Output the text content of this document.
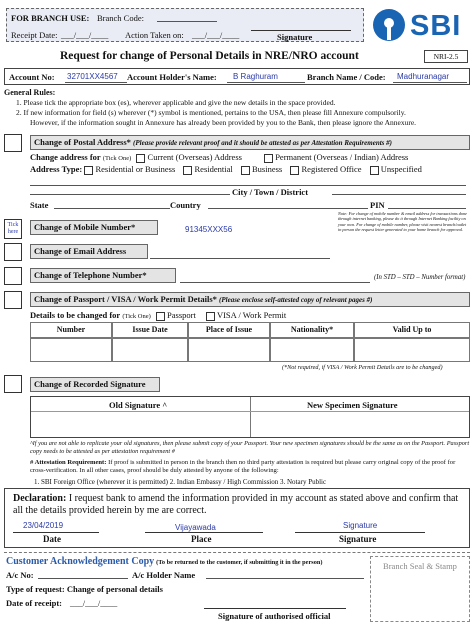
FOR BRANCH USE: Branch Code:
Receipt Date: ___/___/____ Action Taken on: ___/___/____	Signature	SBI
Request for change of Personal Details in NRE/NRO account	NRI-2.5
Account No: 32701XX4567 Account Holder's Name: B Raghuram	Branch Name / Code: Madhuranagar
General Rules:
1. Please tick the appropriate box (es), wherever applicable and give the new details in the space provided.
2. If new information for field (s) wherever (*) symbol is mentioned, pertains to the USA, then please fill Annexure compulsorily.
However, if the information sought in Annexure has already been provided by you to the Bank, then please ignore the Annexure.
Change of Postal Address* (Please provide relevant proof and it should be attested as per Attestation Requirements #)
Change address for (Tick One) Current (Overseas) Address	Permanent (Overseas / Indian) Address
Address Type: Residential or Business Residential Business Registered Office Unspecified
City / Town / District
State	Country	PIN
Tick here	Change of Mobile Number*	91345XXX56
Note: For change of mobile number & email address for transactions done through internet banking, please do it through Internet Banking facility on your own. For change of mobile number, please visit nearest branch/outlet in person the request letter generated to your home branch for approval.
Change of Email Address
Change of Telephone Number*	(In STD – STD – Number format)
Change of Passport / VISA / Work Permit Details* (Please enclose self-attested copy of relevant pages #)
Details to be changed for (Tick One) Passport VISA / Work Permit
Number	Issue Date	Place of Issue	Nationality*	Valid Up to
(*Not required, if VISA / Work Permit Details are to be changed)
Change of Recorded Signature
Old Signature ^	New Specimen Signature
^If you are not able to replicate your old signatures, then please submit copy of your Passport. Your new specimen signatures should be the same as on the Passport. Passport copy needs to be attested as per attestation requirement #
# Attestation Requirement: If proof is submitted in person in the branch then no third party attestation is required but please carry original copy of the proof for cross-verification. In all other cases, proof should be duly attested by anyone of the following:
1. SBI Foreign Office (wherever it is permitted) 2. Indian Embassy / High Commission 3. Notary Public
Declaration: I request bank to amend the information provided in my account as stated above and confirm that all the details provided herein by me are correct.
23/04/2019
Date
Vijayawada
Place
Signature
Signature
Customer Acknowledgement Copy (To be returned to the customer, if submitting it in the person)
A/c No:	A/c Holder Name
Type of request: Change of personal details
Date of receipt: ___/___/____
Signature of authorised official
Branch Seal & Stamp
